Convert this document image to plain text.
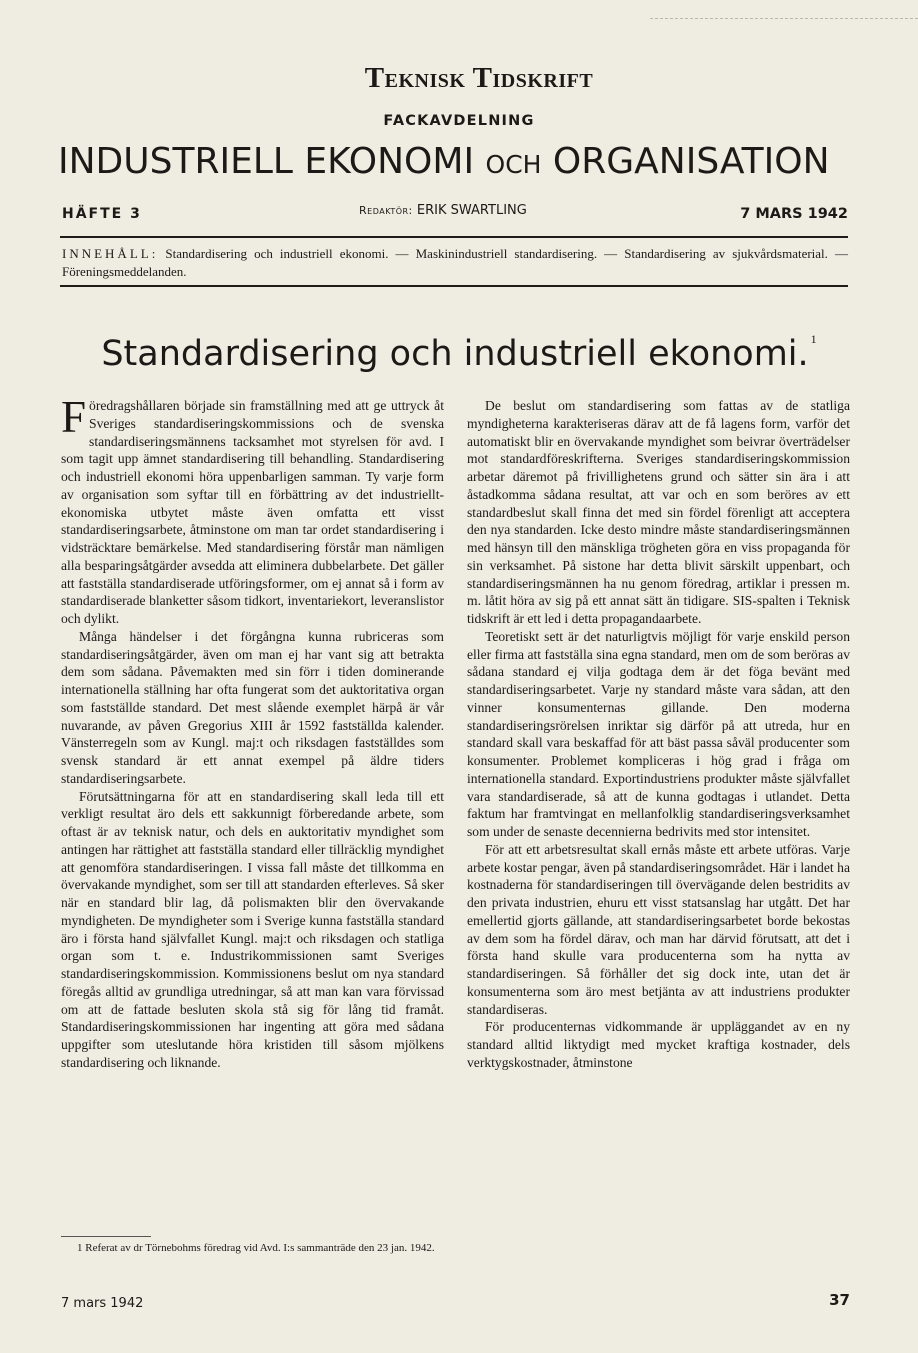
Teknisk Tidskrift
FACKAVDELNING
INDUSTRIELL EKONOMI OCH ORGANISATION
HÄFTE 3	Redaktör: ERIK SWARTLING	7 MARS 1942
INNEHÅLL: Standardisering och industriell ekonomi. — Maskinindustriell standardisering. — Standardisering av sjukvårdsmaterial. — Föreningsmeddelanden.
Standardisering och industriell ekonomi. $^1$

Föredragshållaren började sin framställning med att ge uttryck åt Sveriges standardiseringskommissions och de svenska standardiseringsmännens tacksamhet mot styrelsen för avd. I som tagit upp ämnet standardisering till behandling. Standardisering och industriell ekonomi höra uppenbarligen samman. Ty varje form av organisation som syftar till en förbättring av det industriellt-ekonomiska utbytet måste även omfatta ett visst standardiseringsarbete, åtminstone om man tar ordet standardisering i vidsträcktare bemärkelse. Med standardisering förstår man nämligen alla besparingsåtgärder avsedda att eliminera dubbelarbete. Det gäller att fastställa standardiserade utföringsformer, om ej annat så i form av standardiserade blanketter såsom tidkort, inventariekort, leveranslistor och dylikt.

Många händelser i det förgångna kunna rubriceras som standardiseringsåtgärder, även om man ej har vant sig att betrakta dem som sådana. Påvemakten med sin förr i tiden dominerande internationella ställning har ofta fungerat som det auktoritativa organ som fastställde standard. Det mest slående exemplet härpå är vår nuvarande, av påven Gregorius XIII år 1592 fastställda kalender. Vänsterregeln som av Kungl. maj:t och riksdagen fastställdes som svensk standard är ett annat exempel på äldre tiders standardiseringsarbete.

Förutsättningarna för att en standardisering skall leda till ett verkligt resultat äro dels ett sakkunnigt förberedande arbete, som oftast är av teknisk natur, och dels en auktoritativ myndighet som antingen har rättighet att fastställa standard eller tillräcklig myndighet att genomföra standardiseringen. I vissa fall måste det tillkomma en övervakande myndighet, som ser till att standarden efterleves. Så sker när en standard blir lag, då polismakten blir den övervakande myndigheten. De myndigheter som i Sverige kunna fastställa standard äro i första hand självfallet Kungl. maj:t och riksdagen och statliga organ som t. e. Industrikommissionen samt Sveriges standardiseringskommission. Kommissionens beslut om nya standard föregås alltid av grundliga utredningar, så att man kan vara förvissad om att de fattade besluten skola stå sig för lång tid framåt. Standardiseringskommissionen har ingenting att göra med sådana uppgifter som uteslutande höra kristiden till såsom mjölkens standardisering och liknande.

De beslut om standardisering som fattas av de statliga myndigheterna karakteriseras därav att de få lagens form, varför det automatiskt blir en övervakande myndighet som beivrar överträdelser mot standardföreskrifterna. Sveriges standardiseringskommission arbetar däremot på frivillighetens grund och sätter sin ära i att åstadkomma sådana resultat, att var och en som beröres av ett standardbeslut skall finna det med sin fördel förenligt att acceptera den nya standarden. Icke desto mindre måste standardiseringsmännen med hänsyn till den mänskliga trögheten göra en viss propaganda för sin verksamhet. På sistone har detta blivit särskilt uppenbart, och standardiseringsmännen ha nu genom föredrag, artiklar i pressen m. m. låtit höra av sig på ett annat sätt än tidigare. SIS-spalten i Teknisk tidskrift är ett led i detta propagandaarbete.

Teoretiskt sett är det naturligtvis möjligt för varje enskild person eller firma att fastställa sina egna standard, men om de som beröras av sådana standard ej vilja godtaga dem är det föga bevänt med standardiseringsarbetet. Varje ny standard måste vara sådan, att den vinner konsumenternas gillande. Den moderna standardiseringsrörelsen inriktar sig därför på att utreda, hur en standard skall vara beskaffad för att bäst passa såväl producenter som konsumenter. Problemet kompliceras i hög grad i fråga om internationella standard. Exportindustriens produkter måste självfallet vara standardiserade, så att de kunna godtagas i utlandet. Detta faktum har framtvingat en mellanfolklig standardiseringsverksamhet som under de senaste decennierna bedrivits med stor intensitet.

För att ett arbetsresultat skall ernås måste ett arbete utföras. Varje arbete kostar pengar, även på standardiseringsområdet. Här i landet ha kostnaderna för standardiseringen till övervägande delen bestridits av den privata industrien, ehuru ett visst statsanslag har utgått. Det har emellertid gjorts gällande, att standardiseringsarbetet borde bekostas av dem som ha fördel därav, och man har därvid förutsatt, att det i första hand skulle vara producenterna som ha nytta av standardiseringen. Så förhåller det sig dock inte, utan det är konsumenterna som äro mest betjänta av att industriens produkter standardiseras.

För producenternas vidkommande är uppläggandet av en ny standard alltid liktydigt med mycket kraftiga kostnader, dels verktygskostnader, åtminstone

1 Referat av dr Törnebohms föredrag vid Avd. I:s sammanträde den 23 jan. 1942.
7 mars 1942	37
